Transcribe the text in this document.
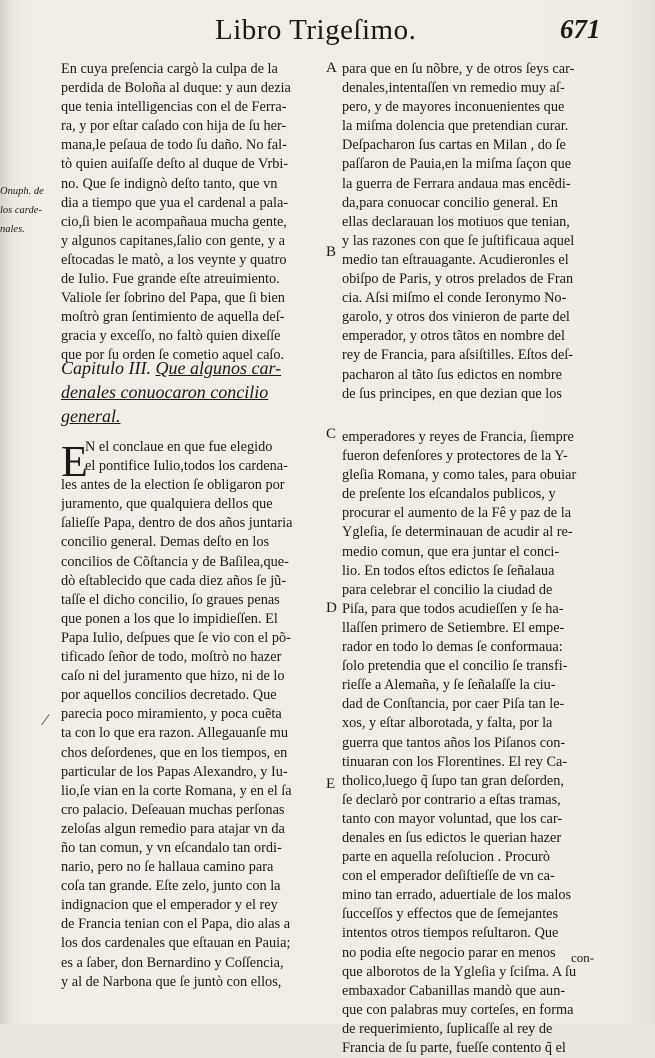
Libro Trigeſimo.	671
Onuph. de
los carde-
nales.
En cuya preſencia cargò la culpa de la
perdida de Boloña al duque: y aun dezia
que tenia intelligencias con el de Ferra-
ra, y por eſtar caſado con hija de ſu her-
mana,le peſaua de todo ſu daño. No fal-
tò quien auiſaſſe deſto al duque de Vrbi-
no. Que ſe indignò deſto tanto, que vn
dia a tiempo que yua el cardenal a pala-
cio,ſi bien le acompañaua mucha gente,
y algunos capitanes,ſalio con gente, y a
eſtocadas le matò, a los veynte y quatro
de Iulio. Fue grande eſte atreuimiento.
Valiole ſer ſobrino del Papa, que ſi bien
moſtrò gran ſentimiento de aquella deſ-
gracia y exceſſo, no faltò quien dixeſſe
que por ſu orden ſe cometio aquel caſo.
A
B
C
D
E
Capitulo III. Que algunos car-
denales conuocaron concilio
general.
E
N el conclaue en que fue elegido
el pontifice Iulio,todos los cardena-
les antes de la election ſe obligaron por
juramento, que qualquiera dellos que
ſalieſſe Papa, dentro de dos años juntaria
concilio general. Demas deſto en los
concilios de Cõſtancia y de Baſilea,que-
dò eſtablecido que cada diez años ſe jũ-
taſſe el dicho concilio, ſo graues penas
que ponen a los que lo impidieſſen. El
Papa Iulio, deſpues que ſe vio con el põ-
tificado ſeñor de todo, moſtrò no hazer
caſo ni del juramento que hizo, ni de lo
por aquellos concilios decretado. Que
parecia poco miramiento, y poca cuẽta
ta con lo que era razon. Allegauanſe mu
chos deſordenes, que en los tiempos, en
particular de los Papas Alexandro, y Iu-
lio,ſe vian en la corte Romana, y en el ſa
cro palacio. Deſeauan muchas perſonas
zeloſas algun remedio para atajar vn da
ño tan comun, y vn eſcandalo tan ordi-
nario, pero no ſe hallaua camino para
coſa tan grande. Eſte zelo, junto con la
indignacion que el emperador y el rey
de Francia tenian con el Papa, dio alas a
los dos cardenales que eſtauan en Pauia;
es a ſaber, don Bernardino y Coſſencia,
y al de Narbona que ſe juntò con ellos,
∕
para que en ſu nõbre, y de otros ſeys car-
denales,intentaſſen vn remedio muy aſ-
pero, y de mayores inconuenientes que
la miſma dolencia que pretendian curar.
Deſpacharon ſus cartas en Milan , do ſe
paſſaron de Pauia,en la miſma ſaçon que
la guerra de Ferrara andaua mas encẽdi-
da,para conuocar concilio general. En
ellas declarauan los motiuos que tenian,
y las razones con que ſe juſtificaua aquel
medio tan eſtrauagante. Acudieronles el
obiſpo de Paris, y otros prelados de Fran
cia. Aſsi miſmo el conde Ieronymo No-
garolo, y otros dos vinieron de parte del
emperador, y otros tãtos en nombre del
rey de Francia, para aſsiſtilles. Eſtos deſ-
pacharon al tãto ſus edictos en nombre
de ſus principes, en que dezian que los
emperadores y reyes de Francia, ſiempre
fueron defenſores y protectores de la Y-
gleſia Romana, y como tales, para obuiar
de preſente los eſcandalos publicos, y
procurar el aumento de la Fê y paz de la
Ygleſia, ſe determinauan de acudir al re-
medio comun, que era juntar el conci-
lio. En todos eſtos edictos ſe ſeñalaua
para celebrar el concilio la ciudad de
Piſa, para que todos acudieſſen y ſe ha-
llaſſen primero de Setiembre. El empe-
rador en todo lo demas ſe conformaua:
ſolo pretendia que el concilio ſe transfi-
rieſſe a Alemaña, y ſe ſeñalaſſe la ciu-
dad de Conſtancia, por caer Piſa tan le-
xos, y eſtar alborotada, y falta, por la
guerra que tantos años los Piſanos con-
tinuaran con los Florentines. El rey Ca-
tholico,luego q̃ ſupo tan gran deſorden,
ſe declarò por contrario a eſtas tramas,
tanto con mayor voluntad, que los car-
denales en ſus edictos le querian hazer
parte en aquella reſolucion . Procurò
con el emperador deſiſtieſſe de vn ca-
mino tan errado, aduertiale de los malos
ſucceſſos y effectos que de ſemejantes
intentos otros tiempos reſultaron. Que
no podia eſte negocio parar en menos
que alborotos de la Ygleſia y ſciſma. A ſu
embaxador Cabanillas mandò que aun-
que con palabras muy corteſes, en forma
de requerimiento, ſuplicaſſe al rey de
Francia de ſu parte, fueſſe contento q̃ el
con-
